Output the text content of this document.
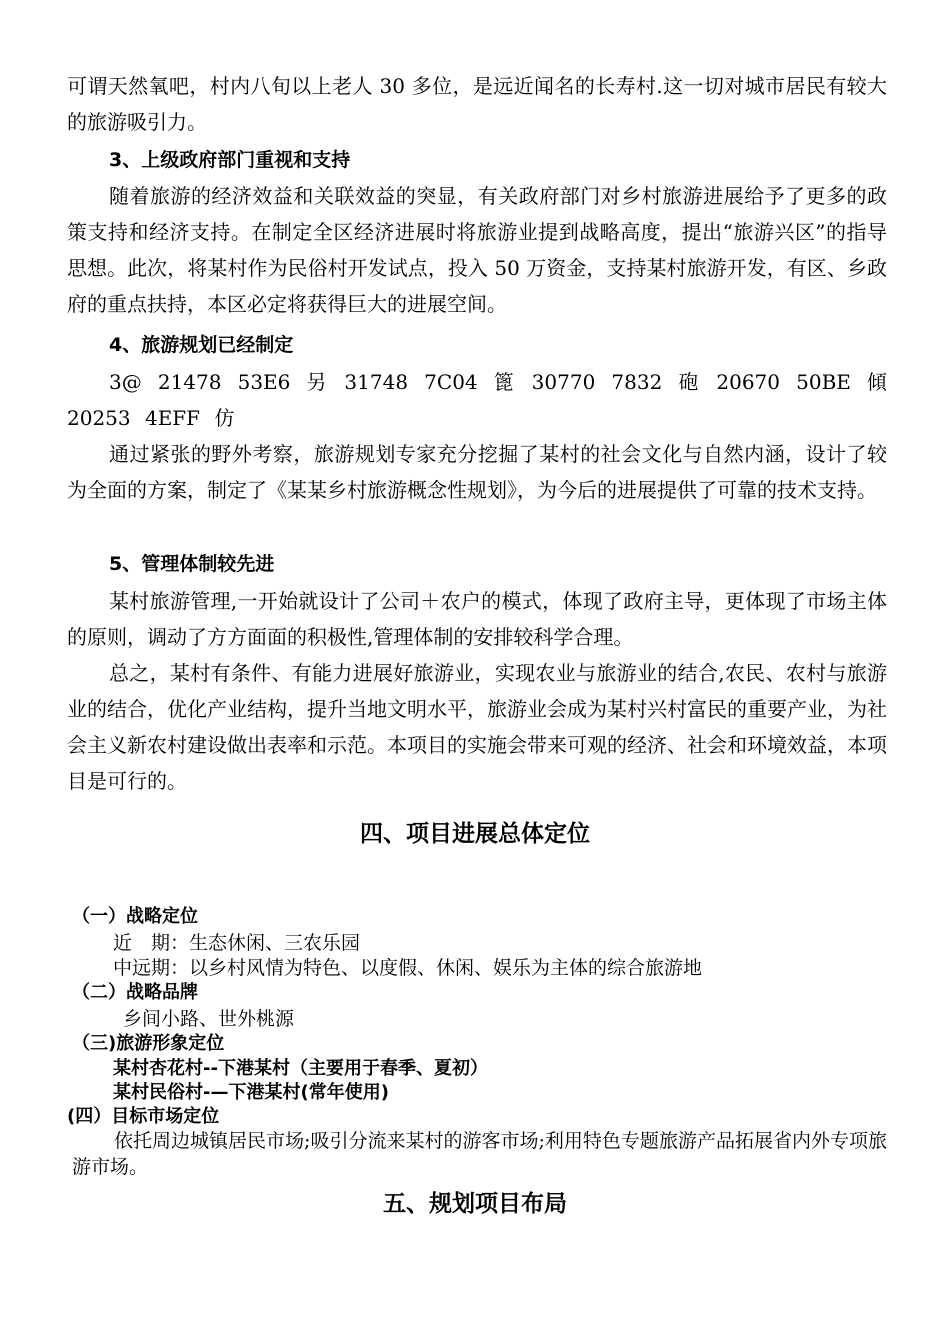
可谓天然氧吧，村内八旬以上老人 30 多位，是远近闻名的长寿村.这一切对城市居民有较大的旅游吸引力。

3、上级政府部门重视和支持

随着旅游的经济效益和关联效益的突显，有关政府部门对乡村旅游进展给予了更多的政策支持和经济支持。在制定全区经济进展时将旅游业提到战略高度，提出“旅游兴区”的指导思想。此次，将某村作为民俗村开发试点，投入 50 万资金，支持某村旅游开发，有区、乡政府的重点扶持，本区必定将获得巨大的进展空间。

4、旅游规划已经制定

3@ 21478 53E6 另 31748 7C04 篦 30770 7832 砲 20670 50BE 傾 20253 4EFF 仿

通过紧张的野外考察，旅游规划专家充分挖掘了某村的社会文化与自然内涵，设计了较为全面的方案，制定了《某某乡村旅游概念性规划》，为今后的进展提供了可靠的技术支持。

5、管理体制较先进

某村旅游管理,一开始就设计了公司＋农户的模式，体现了政府主导，更体现了市场主体的原则，调动了方方面面的积极性,管理体制的安排较科学合理。

总之，某村有条件、有能力进展好旅游业，实现农业与旅游业的结合,农民、农村与旅游业的结合，优化产业结构，提升当地文明水平，旅游业会成为某村兴村富民的重要产业，为社会主义新农村建设做出表率和示范。本项目的实施会带来可观的经济、社会和环境效益，本项目是可行的。

四、项目进展总体定位

（一）战略定位

近　期：生态休闲、三农乐园

中远期：以乡村风情为特色、以度假、休闲、娱乐为主体的综合旅游地

（二）战略品牌

乡间小路、世外桃源

（三)旅游形象定位

某村杏花村--下港某村（主要用于春季、夏初）

某村民俗村-—下港某村(常年使用)

(四）目标市场定位

依托周边城镇居民市场;吸引分流来某村的游客市场;利用特色专题旅游产品拓展省内外专项旅游市场。

五、规划项目布局
